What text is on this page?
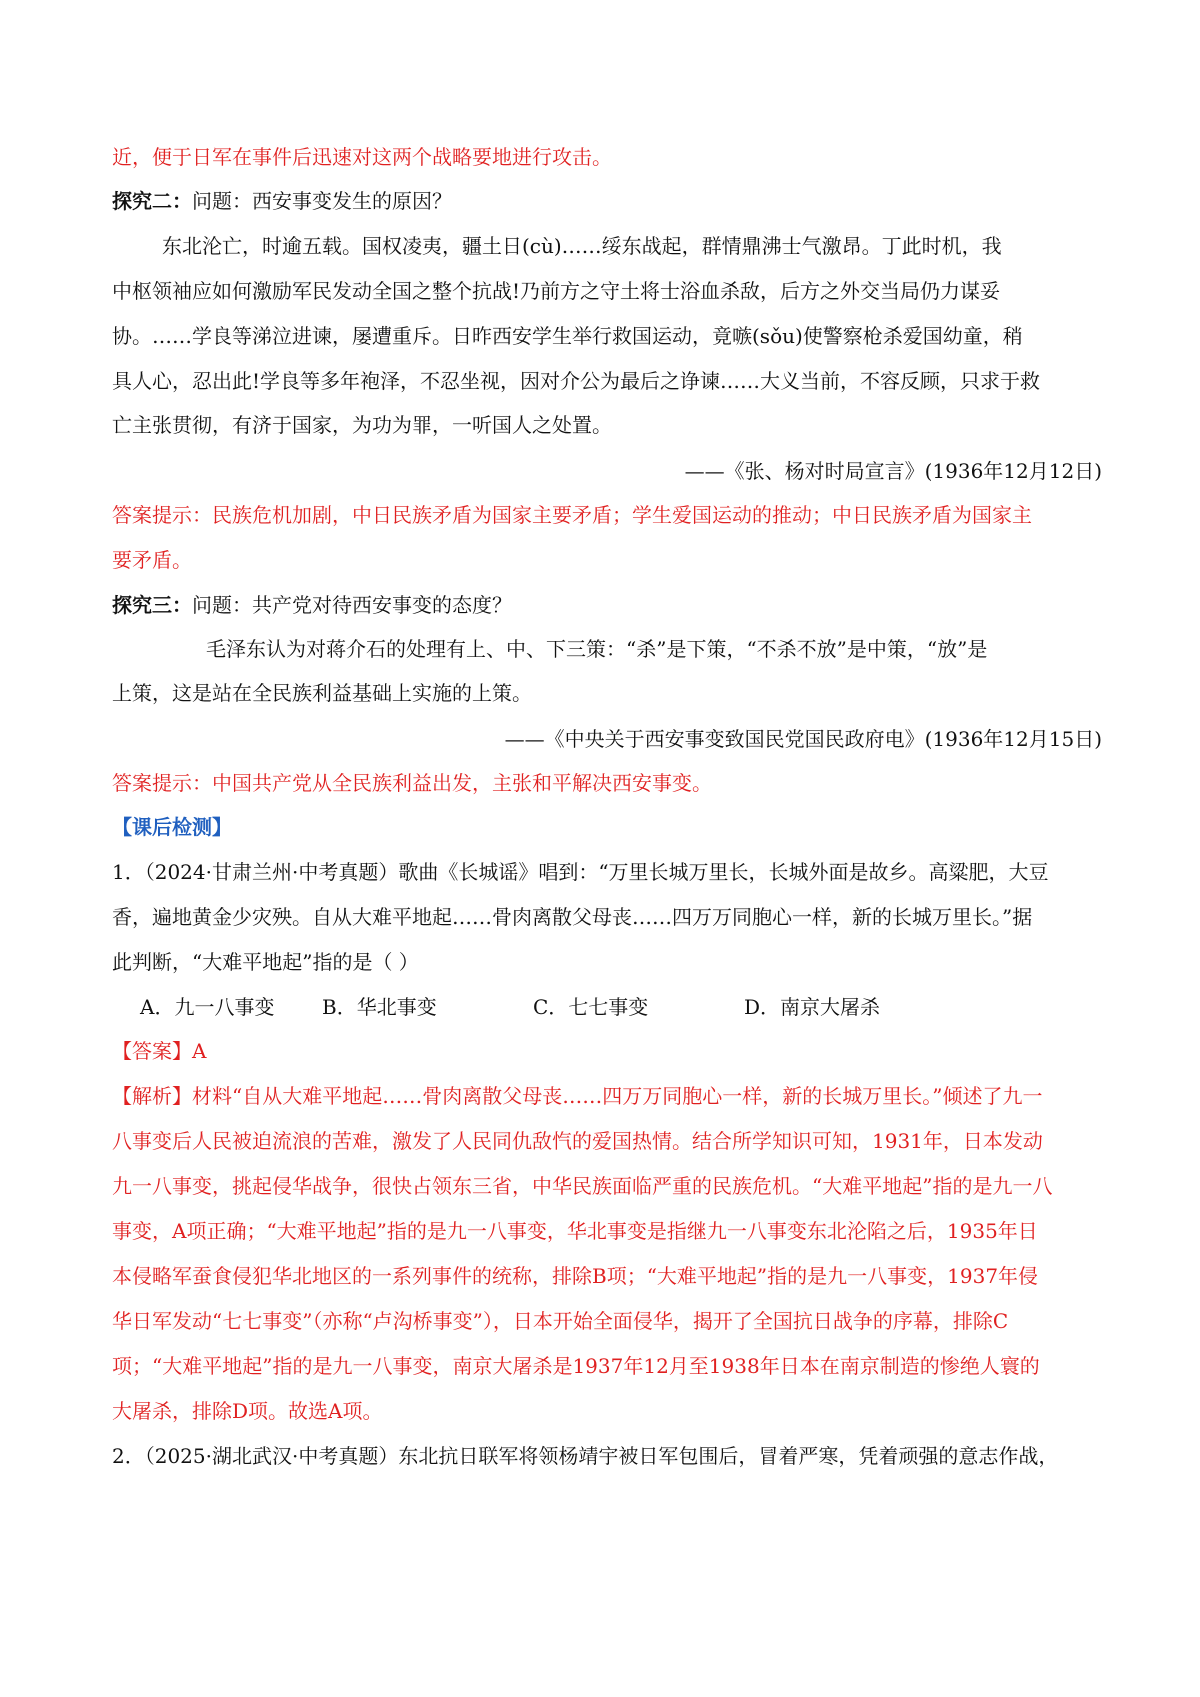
近，便于日军在事件后迅速对这两个战略要地进行攻击。
探究二：问题：西安事变发生的原因？
东北沦亡，时逾五载。国权凌夷，疆土日(cù)……绥东战起，群情鼎沸士气激昂。丁此时机，我
中枢领袖应如何激励军民发动全国之整个抗战!乃前方之守土将士浴血杀敌，后方之外交当局仍力谋妥
协。……学良等涕泣进谏，屡遭重斥。日昨西安学生举行救国运动，竟嗾(sǒu)使警察枪杀爱国幼童，稍
具人心，忍出此!学良等多年袍泽，不忍坐视，因对介公为最后之诤谏……大义当前，不容反顾，只求于救
亡主张贯彻，有济于国家，为功为罪，一听国人之处置。
——《张、杨对时局宣言》(1936年12月12日)
答案提示：民族危机加剧，中日民族矛盾为国家主要矛盾；学生爱国运动的推动；中日民族矛盾为国家主
要矛盾。
探究三：问题：共产党对待西安事变的态度？
毛泽东认为对蒋介石的处理有上、中、下三策：“杀”是下策，“不杀不放”是中策，“放”是
上策，这是站在全民族利益基础上实施的上策。
——《中央关于西安事变致国民党国民政府电》(1936年12月15日)
答案提示：中国共产党从全民族利益出发，主张和平解决西安事变。
【课后检测】
1．（2024·甘肃兰州·中考真题）歌曲《长城谣》唱到：“万里长城万里长，长城外面是故乡。高粱肥，大豆
香，遍地黄金少灾殃。自从大难平地起……骨肉离散父母丧……四万万同胞心一样，新的长城万里长。”据
此判断，“大难平地起”指的是（ ）
A．九一八事变 B．华北事变	C．七七事变	D．南京大屠杀
【答案】A
【解析】材料“自从大难平地起……骨肉离散父母丧……四万万同胞心一样，新的长城万里长。”倾述了九一
八事变后人民被迫流浪的苦难，激发了人民同仇敌忾的爱国热情。结合所学知识可知，1931年，日本发动
九一八事变，挑起侵华战争，很快占领东三省，中华民族面临严重的民族危机。“大难平地起”指的是九一八
事变，A项正确；“大难平地起”指的是九一八事变，华北事变是指继九一八事变东北沦陷之后，1935年日
本侵略军蚕食侵犯华北地区的一系列事件的统称，排除B项；“大难平地起”指的是九一八事变，1937年侵
华日军发动“七七事变”（亦称“卢沟桥事变”），日本开始全面侵华，揭开了全国抗日战争的序幕，排除C
项；“大难平地起”指的是九一八事变，南京大屠杀是1937年12月至1938年日本在南京制造的惨绝人寰的
大屠杀，排除D项。故选A项。
2．（2025·湖北武汉·中考真题）东北抗日联军将领杨靖宇被日军包围后，冒着严寒，凭着顽强的意志作战，
